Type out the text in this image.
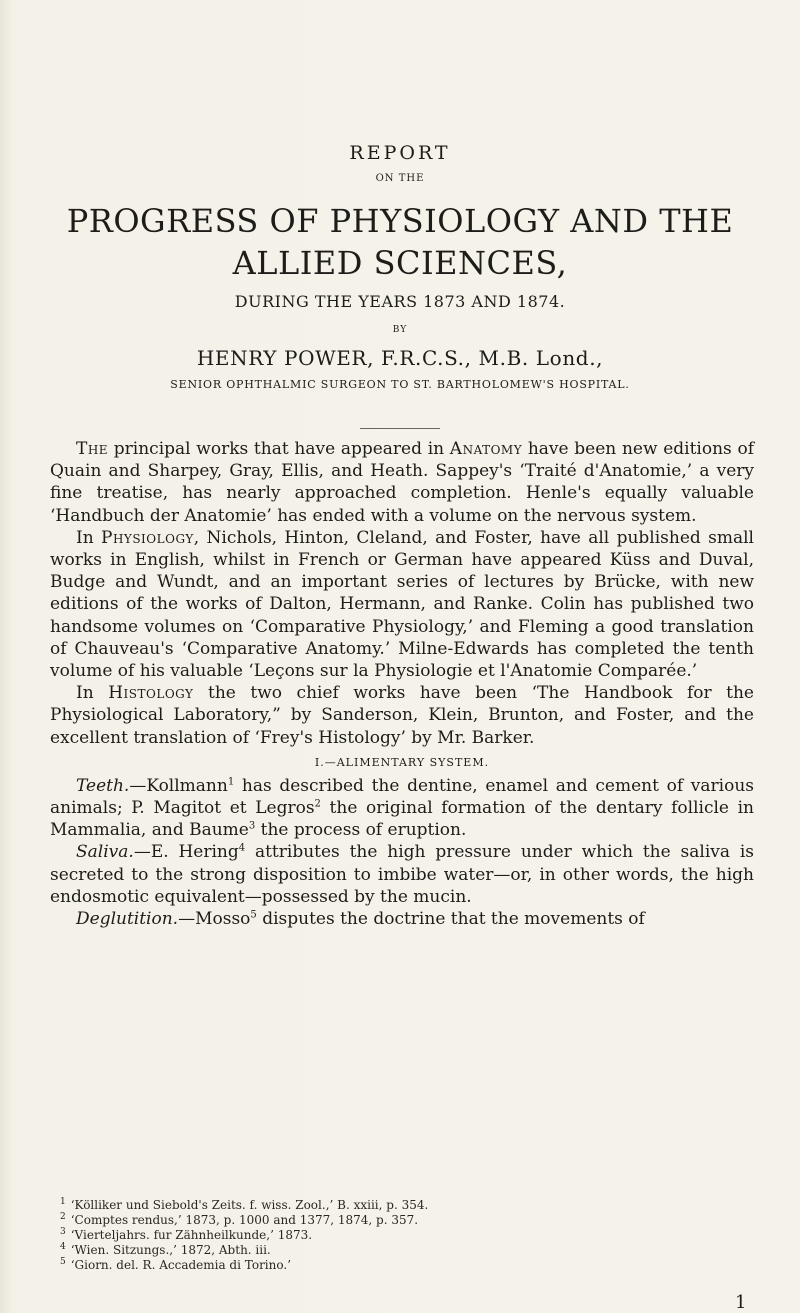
REPORT
ON THE
PROGRESS OF PHYSIOLOGY AND THE
ALLIED SCIENCES,
DURING THE YEARS 1873 AND 1874.
BY
HENRY POWER, F.R.C.S., M.B. Lond.,
SENIOR OPHTHALMIC SURGEON TO ST. BARTHOLOMEW'S HOSPITAL.

The principal works that have appeared in Anatomy have been new editions of Quain and Sharpey, Gray, Ellis, and Heath. Sappey's ‘Traité d'Anatomie,’ a very fine treatise, has nearly approached completion. Henle's equally valuable ‘Handbuch der Anatomie’ has ended with a volume on the nervous system.

In Physiology, Nichols, Hinton, Cleland, and Foster, have all published small works in English, whilst in French or German have appeared Küss and Duval, Budge and Wundt, and an important series of lectures by Brücke, with new editions of the works of Dalton, Hermann, and Ranke. Colin has published two handsome volumes on ‘Comparative Physiology,’ and Fleming a good translation of Chauveau's ‘Comparative Anatomy.’ Milne-Edwards has completed the tenth volume of his valuable ‘Leçons sur la Physiologie et l'Anatomie Comparée.’

In Histology the two chief works have been ‘The Handbook for the Physiological Laboratory,” by Sanderson, Klein, Brunton, and Foster, and the excellent translation of ‘Frey's Histology’ by Mr. Barker.

I.—ALIMENTARY SYSTEM.

Teeth.—Kollmann$^1$ has described the dentine, enamel and cement of various animals; P. Magitot et Legros$^2$ the original formation of the dentary follicle in Mammalia, and Baume$^3$ the process of eruption.

Saliva.—E. Hering$^4$ attributes the high pressure under which the saliva is secreted to the strong disposition to imbibe water—or, in other words, the high endosmotic equivalent—possessed by the mucin.

Deglutition.—Mosso$^5$ disputes the doctrine that the movements of

$^1$ ‘Kölliker und Siebold's Zeits. f. wiss. Zool.,’ B. xxiii, p. 354.
$^2$ ‘Comptes rendus,’ 1873, p. 1000 and 1377, 1874, p. 357.
$^3$ ‘Vierteljahrs. fur Zähnheilkunde,’ 1873.
$^4$ ‘Wien. Sitzungs.,’ 1872, Abth. iii.
$^5$ ‘Giorn. del. R. Accademia di Torino.’
1
